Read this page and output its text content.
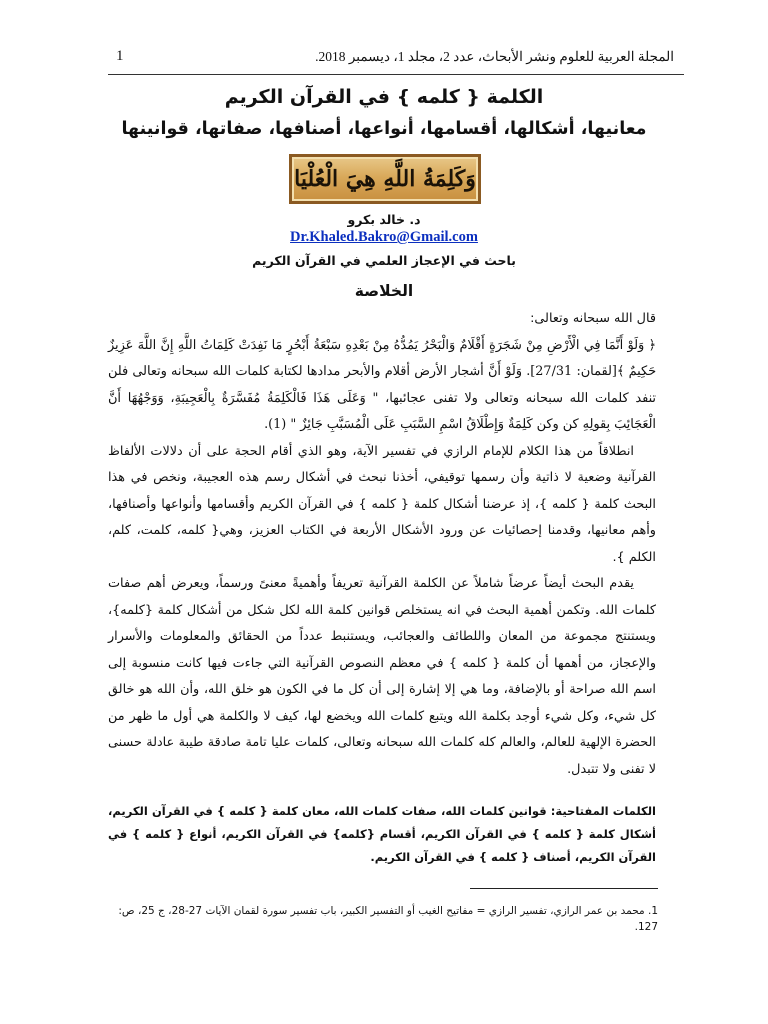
1	المجلة العربية للعلوم ونشر الأبحاث، عدد 2، مجلد 1، ديسمبر 2018.
الكلمة { كلمه } في القرآن الكريم
معانيها، أشكالها، أقسامها، أنواعها، أصنافها، صفاتها، قوانينها
وَكَلِمَةُ اللَّهِ هِيَ الْعُلْيَا
د. خالد بكرو
Dr.Khaled.Bakro@Gmail.com
باحث في الإعجاز العلمي في القرآن الكريم
الخلاصة

قال الله سبحانه وتعالى:

﴿ وَلَوْ أَنَّمَا فِي الْأَرْضِ مِنْ شَجَرَةٍ أَقْلَامٌ وَالْبَحْرُ يَمُدُّهُ مِنْ بَعْدِهِ سَبْعَةُ أَبْحُرٍ مَا نَفِدَتْ كَلِمَاتُ اللَّهِ إِنَّ اللَّهَ عَزِيزٌ حَكِيمٌ ﴾[لقمان: 27/31]. وَلَوْ أَنَّ أشجار الأرض أقلام والأبحر مدادها لكتابة كلمات الله سبحانه وتعالى فلن تنفد كلمات الله سبحانه وتعالى ولا تفنى عجائبها، " وَعَلَى هَذَا فَالْكَلِمَةُ مُفَسَّرَةٌ بِالْعَجِيبَةِ، وَوَجْهُهَا أَنَّ الْعَجَائِبَ بِقولِهِ كن وكن كَلِمَةٌ وَإِطْلَاقُ اسْمِ السَّبَبِ عَلَى الْمُسَبَّبِ جَائِزٌ " (1).

انطلاقاً من هذا الكلام للإمام الرازي في تفسير الآية، وهو الذي أقام الحجة على أن دلالات الألفاظ القرآنية وضعية لا ذاتية وأن رسمها توقيفي، أخذنا نبحث في أشكال رسم هذه العجيبة، ونخص في هذا البحث كلمة { كلمه }، إذ عرضنا أشكال كلمة { كلمه } في القرآن الكريم وأقسامها وأنواعها وأصنافها، وأهم معانيها، وقدمنا إحصائيات عن ورود الأشكال الأربعة في الكتاب العزيز، وهي{ كلمه، كلمت، كلم، الكلم }.

يقدم البحث أيضاً عرضاً شاملاً عن الكلمة القرآنية تعريفاً وأهميةً معنىً ورسماً، ويعرض أهم صفات كلمات الله. وتكمن أهمية البحث في انه يستخلص قوانين كلمة الله لكل شكل من أشكال كلمة {كلمه}، ويستنتج مجموعة من المعان واللطائف والعجائب، ويستنبط عدداً من الحقائق والمعلومات والأسرار والإعجاز، من أهمها أن كلمة { كلمه } في معظم النصوص القرآنية التي جاءت فيها كانت منسوبة إلى اسم الله صراحة أو بالإضافة، وما هي إلا إشارة إلى أن كل ما في الكون هو خلق الله، وأن الله هو خالق كل شيء، وكل شيء أوجد بكلمة الله ويتبع كلمات الله ويخضع لها، كيف لا والكلمة هي أول ما ظهر من الحضرة الإلهية للعالم، والعالم كله كلمات الله سبحانه وتعالى، كلمات عليا تامة صادقة طيبة عادلة حسنى لا تفنى ولا تتبدل.

الكلمات المفتاحية: قوانين كلمات الله، صفات كلمات الله، معان كلمة { كلمه } في القرآن الكريم، أشكال كلمة { كلمه } في القرآن الكريم، أقسام {كلمه} في القرآن الكريم، أنواع { كلمه } في القرآن الكريم، أصناف { كلمه } في القرآن الكريم.
1. محمد بن عمر الرازي، تفسير الرازي = مفاتيح الغيب أو التفسير الكبير، باب تفسير سورة لقمان الآيات 27-28، ج 25، ص: 127.
